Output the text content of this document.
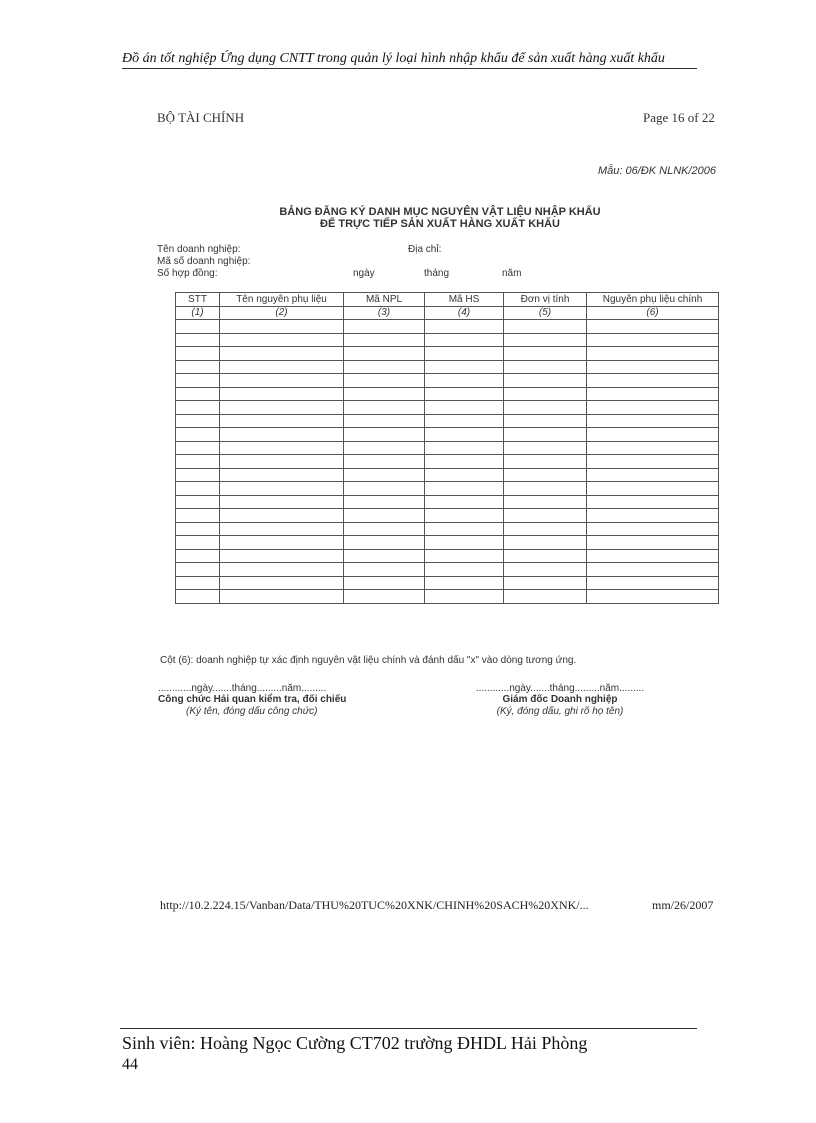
Đồ án tốt nghiệp Ứng dụng CNTT trong quản lý loại hình nhập khẩu để sản xuất hàng xuất khẩu
BỘ TÀI CHÍNH	Page 16 of 22
Mẫu: 06/ĐK NLNK/2006
BẢNG ĐĂNG KÝ DANH MỤC NGUYÊN VẬT LIỆU NHẬP KHẨU
ĐỂ TRỰC TIẾP SẢN XUẤT HÀNG XUẤT KHẨU
Tên doanh nghiệp:	Địa chỉ:
Mã số doanh nghiệp:
Số hợp đồng:	ngày	tháng	năm
STT	Tên nguyên phụ liệu	Mã NPL	Mã HS	Đơn vị tính	Nguyên phụ liệu chính
(1)	(2)	(3)	(4)	(5)	(6)

Cột (6): doanh nghiệp tự xác định nguyên vật liệu chính và đánh dấu "x" vào dòng tương ứng.
............ngày.......tháng.........năm.........
Công chức Hải quan kiểm tra, đối chiếu
(Ký tên, đóng dấu công chức)
............ngày.......tháng.........năm.........
Giám đốc Doanh nghiệp
(Ký, đóng dấu, ghi rõ họ tên)
http://10.2.224.15/Vanban/Data/THU%20TUC%20XNK/CHINH%20SACH%20XNK/...	mm/26/2007
Sinh viên: Hoàng Ngọc Cường CT702 trường ĐHDL Hải Phòng
44
